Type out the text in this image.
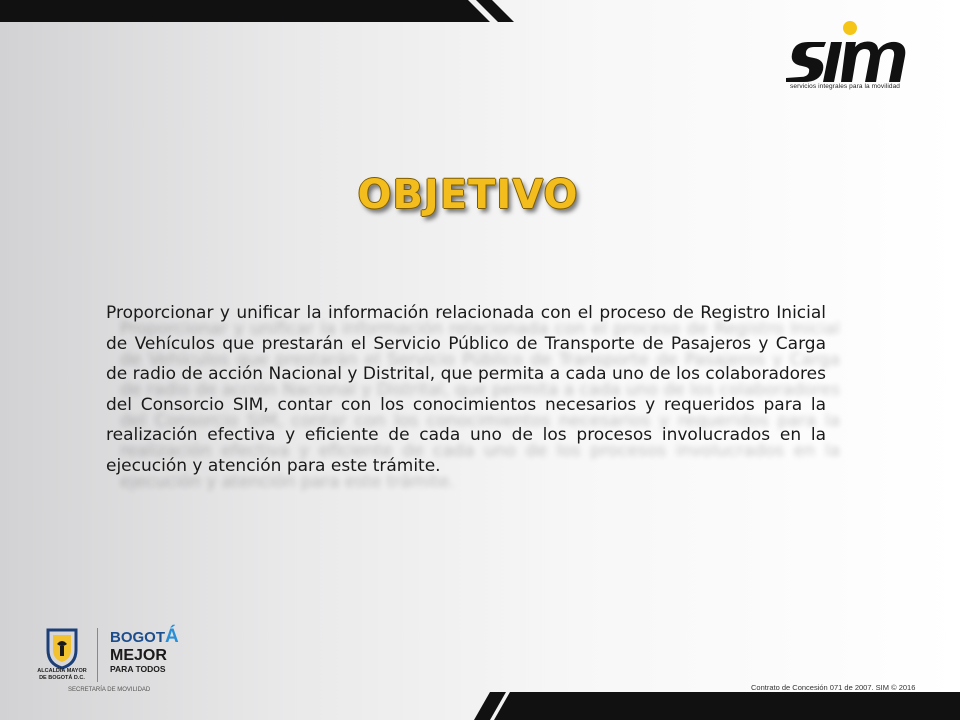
servicios integrales para la movilidad
OBJETIVO

Proporcionar y unificar la información relacionada con el proceso de Registro Inicial de Vehículos que prestarán el Servicio Público de Transporte de Pasajeros y Carga de radio de acción Nacional y Distrital, que permita a cada uno de los colaboradores del Consorcio SIM, contar con los conocimientos necesarios y requeridos para la realización efectiva y eficiente de cada uno de los procesos involucrados en la ejecución y atención para este trámite.

Contrato de Concesión 071 de 2007. SIM © 2016
ALCALDÍA MAYOR
DE BOGOTÁ D.C.
BOGOTÁ
MEJOR
PARA TODOS
SECRETARÍA DE MOVILIDAD
